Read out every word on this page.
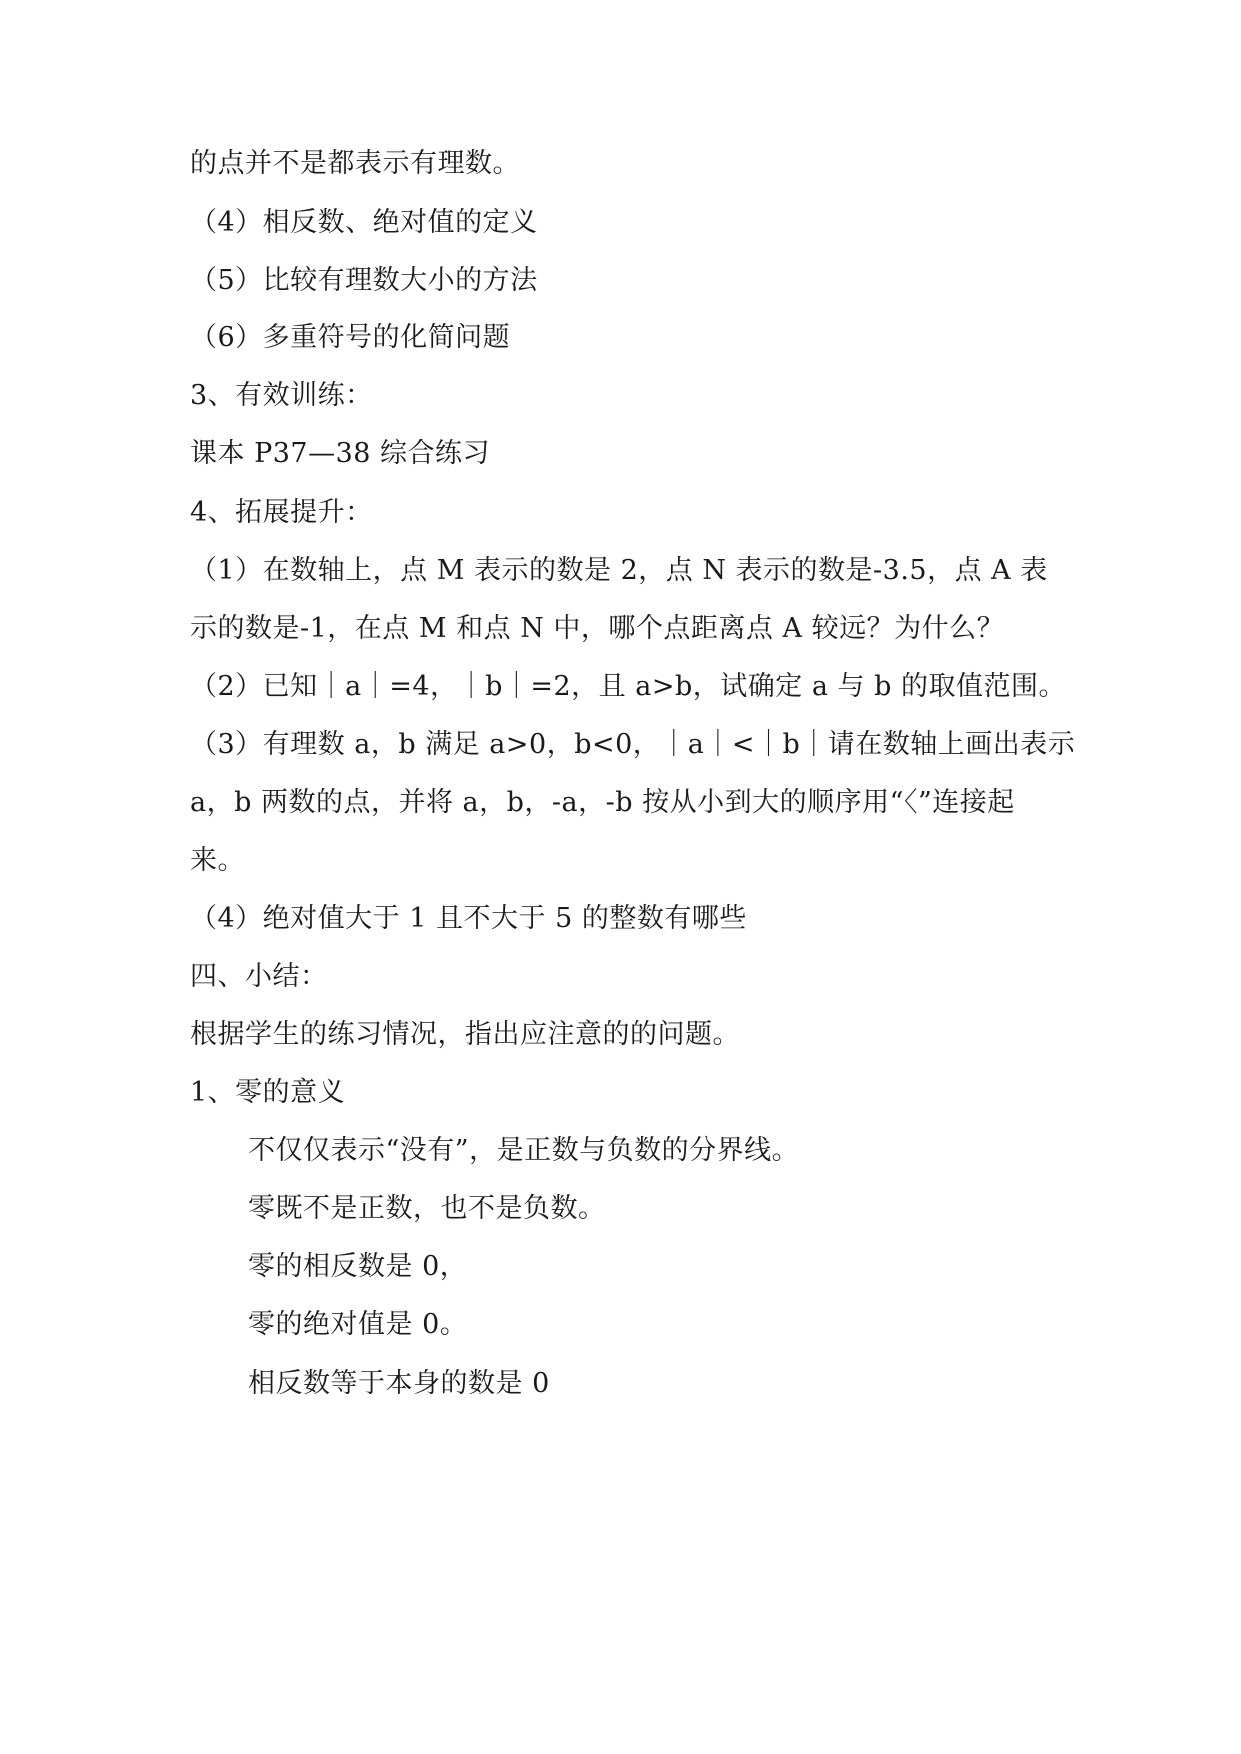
的点并不是都表示有理数。
（4）相反数、绝对值的定义
（5）比较有理数大小的方法
（6）多重符号的化简问题
3、有效训练：
课本 P37—38 综合练习
4、拓展提升：
（1）在数轴上，点 M 表示的数是 2，点 N 表示的数是-3.5，点 A 表
示的数是-1，在点 M 和点 N 中，哪个点距离点 A 较远？为什么？
（2）已知｜a｜=4，｜b｜=2，且 a>b，试确定 a 与 b 的取值范围。
（3）有理数 a，b 满足 a>0，b<0，｜a｜<｜b｜请在数轴上画出表示
a，b 两数的点，并将 a，b，-a，-b 按从小到大的顺序用“〈”连接起
来。
（4）绝对值大于 1 且不大于 5 的整数有哪些
四、小结：
根据学生的练习情况，指出应注意的的问题。
1、零的意义
不仅仅表示“没有”，是正数与负数的分界线。
零既不是正数，也不是负数。
零的相反数是 0，
零的绝对值是 0。
相反数等于本身的数是 0
